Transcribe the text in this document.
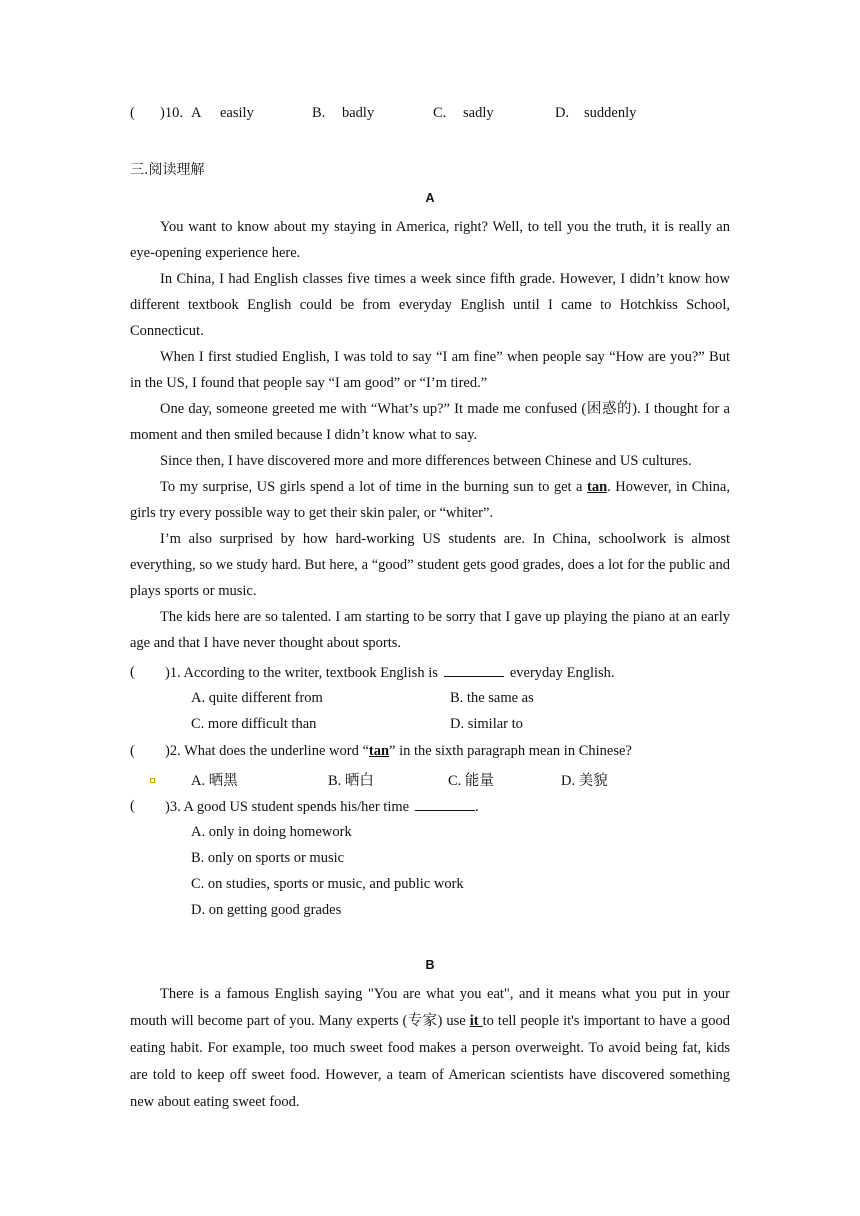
( )10. A easily	B. badly	C. sadly	D. suddenly
三.阅读理解
A

You want to know about my staying in America, right? Well, to tell you the truth, it is really an eye-opening experience here.

In China, I had English classes five times a week since fifth grade. However, I didn’t know how different textbook English could be from everyday English until I came to Hotchkiss School, Connecticut.

When I first studied English, I was told to say “I am fine” when people say “How are you?” But in the US, I found that people say “I am good” or “I’m tired.”

One day, someone greeted me with “What’s up?” It made me confused (困惑的). I thought for a moment and then smiled because I didn’t know what to say.

Since then, I have discovered more and more differences between Chinese and US cultures.

To my surprise, US girls spend a lot of time in the burning sun to get a tan. However, in China, girls try every possible way to get their skin paler, or “whiter”.

I’m also surprised by how hard-working US students are. In China, schoolwork is almost everything, so we study hard. But here, a “good” student gets good grades, does a lot for the public and plays sports or music.

The kids here are so talented. I am starting to be sorry that I gave up playing the piano at an early age and that I have never thought about sports.

( )1. According to the writer, textbook English is	everyday English.
A. quite different from	B. the same as
C. more difficult than	D. similar to
( )2. What does the underline word “tan” in the sixth paragraph mean in Chinese?
A. 晒黑	B. 晒白	C. 能量	D. 美貌
( )3. A good US student spends his/her time	.
A. only in doing homework
B. only on sports or music
C. on studies, sports or music, and public work
D. on getting good grades
B

There is a famous English saying "You are what you eat", and it means what you put in your mouth will become part of you. Many experts (专家) use it to tell people it's important to have a good eating habit. For example, too much sweet food makes a person overweight. To avoid being fat, kids are told to keep off sweet food. However, a team of American scientists have discovered something new about eating sweet food.
